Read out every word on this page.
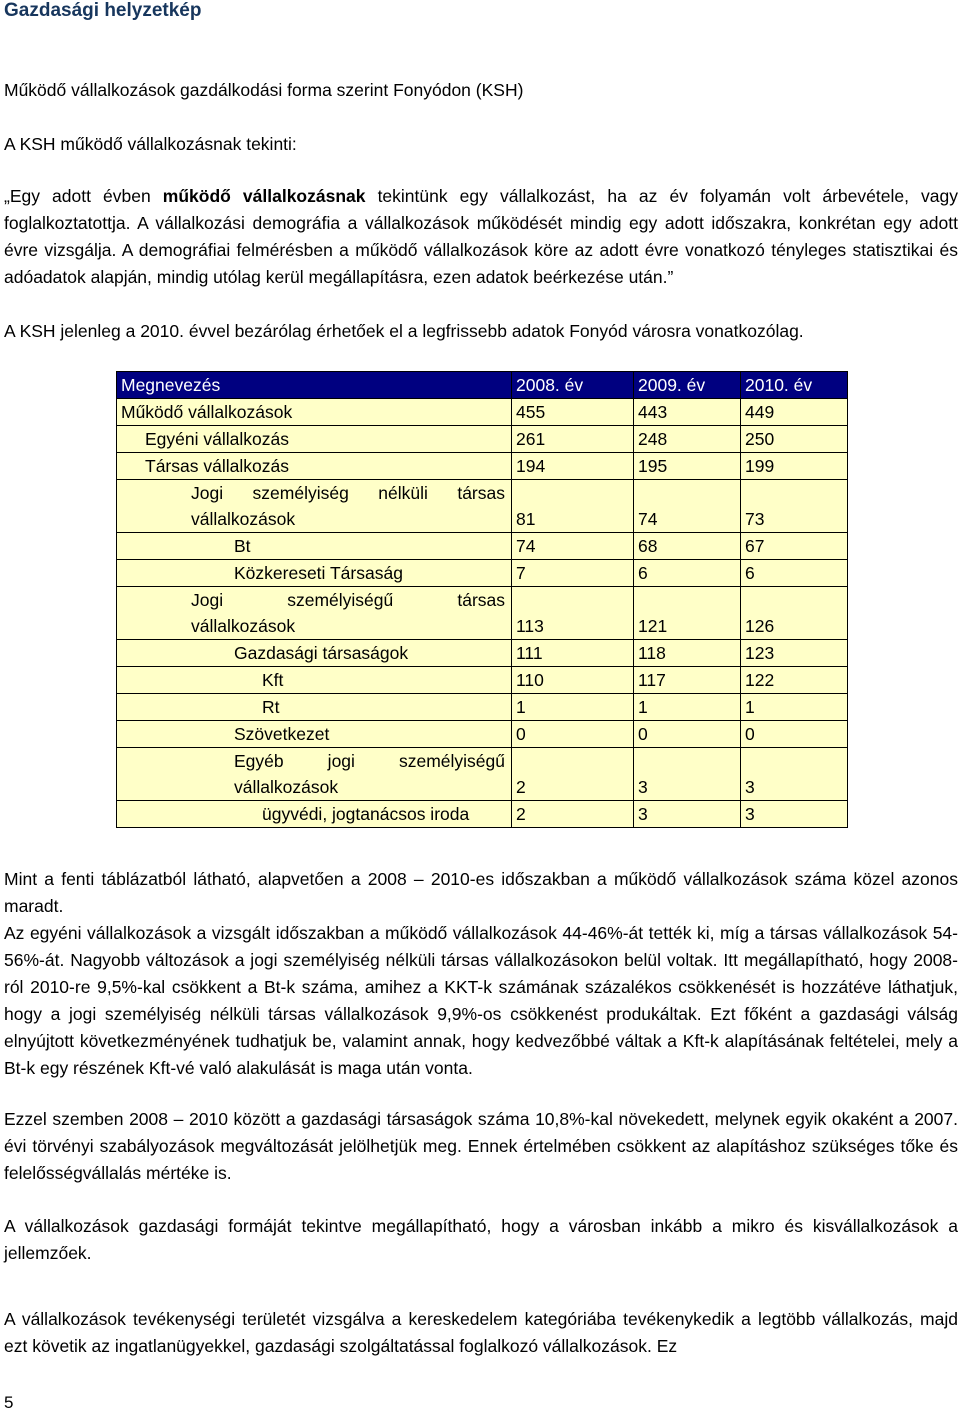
Gazdasági helyzetkép
Működő vállalkozások gazdálkodási forma szerint Fonyódon (KSH)
A KSH működő vállalkozásnak tekinti:
„Egy adott évben működő vállalkozásnak tekintünk egy vállalkozást, ha az év folyamán volt árbevétele, vagy foglalkoztatottja. A vállalkozási demográfia a vállalkozások működését mindig egy adott időszakra, konkrétan egy adott évre vizsgálja. A demográfiai felmérésben a működő vállalkozások köre az adott évre vonatkozó tényleges statisztikai és adóadatok alapján, mindig utólag kerül megállapításra, ezen adatok beérkezése után.”
A KSH jelenleg a 2010. évvel bezárólag érhetőek el a legfrissebb adatok Fonyód városra vonatkozólag.
Megnevezés	2008. év	2009. év	2010. év
Működő vállalkozások	455	443	449
Egyéni vállalkozás	261	248	250
Társas vállalkozás	194	195	199

Jogi személyiség nélküli társas
vállalkozások	81	74	73
Bt	74	68	67
Közkereseti Társaság	7	6	6

Jogi személyiségű társas
vállalkozások	113	121	126
Gazdasági társaságok	111	118	123
Kft	110	117	122
Rt	1	1	1
Szövetkezet	0	0	0

Egyéb jogi személyiségű
vállalkozások	2	3	3
ügyvédi, jogtanácsos iroda	2	3	3
Mint a fenti táblázatból látható, alapvetően a 2008 – 2010-es időszakban a működő vállalkozások száma közel azonos maradt.
Az egyéni vállalkozások a vizsgált időszakban a működő vállalkozások 44-46%-át tették ki, míg a társas vállalkozások 54-56%-át. Nagyobb változások a jogi személyiség nélküli társas vállalkozásokon belül voltak. Itt megállapítható, hogy 2008-ról 2010-re 9,5%-kal csökkent a Bt-k száma, amihez a KKT-k számának százalékos csökkenését is hozzátéve láthatjuk, hogy a jogi személyiség nélküli társas vállalkozások 9,9%-os csökkenést produkáltak. Ezt főként a gazdasági válság elnyújtott következményének tudhatjuk be, valamint annak, hogy kedvezőbbé váltak a Kft-k alapításának feltételei, mely a Bt-k egy részének Kft-vé való alakulását is maga után vonta.
Ezzel szemben 2008 – 2010 között a gazdasági társaságok száma 10,8%-kal növekedett, melynek egyik okaként a 2007. évi törvényi szabályozások megváltozását jelölhetjük meg. Ennek értelmében csökkent az alapításhoz szükséges tőke és felelősségvállalás mértéke is.
A vállalkozások gazdasági formáját tekintve megállapítható, hogy a városban inkább a mikro és kisvállalkozások a jellemzőek.
A vállalkozások tevékenységi területét vizsgálva a kereskedelem kategóriába tevékenykedik a legtöbb vállalkozás, majd ezt követik az ingatlanügyekkel, gazdasági szolgáltatással foglalkozó vállalkozások. Ez
5
